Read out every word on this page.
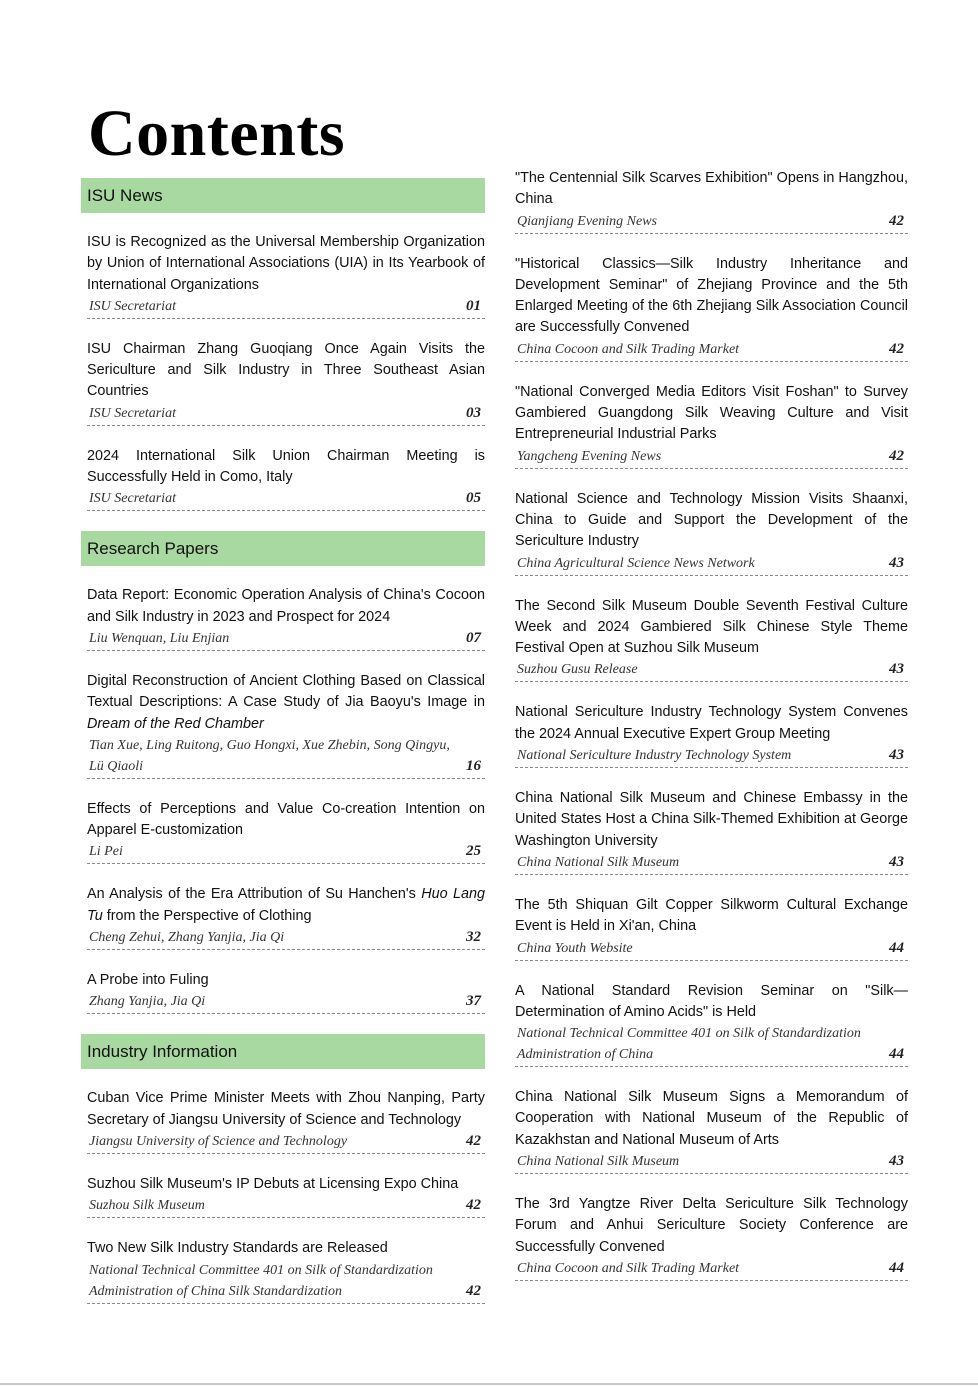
Contents
ISU News
ISU is Recognized as the Universal Membership Organization by Union of International Associations (UIA) in Its Yearbook of International Organizations
ISU Secretariat	01
ISU Chairman Zhang Guoqiang Once Again Visits the Sericulture and Silk Industry in Three Southeast Asian Countries
ISU Secretariat	03
2024 International Silk Union Chairman Meeting is Successfully Held in Como, Italy
ISU Secretariat	05
Research Papers
Data Report: Economic Operation Analysis of China's Cocoon and Silk Industry in 2023 and Prospect for 2024
Liu Wenquan, Liu Enjian	07
Digital Reconstruction of Ancient Clothing Based on Classical Textual Descriptions: A Case Study of Jia Baoyu's Image in Dream of the Red Chamber
Tian Xue, Ling Ruitong, Guo Hongxi, Xue Zhebin, Song Qingyu, Lü Qiaoli	16
Effects of Perceptions and Value Co-creation Intention on Apparel E-customization
Li Pei	25
An Analysis of the Era Attribution of Su Hanchen's Huo Lang Tu from the Perspective of Clothing
Cheng Zehui, Zhang Yanjia, Jia Qi	32
A Probe into Fuling
Zhang Yanjia, Jia Qi	37
Industry Information
Cuban Vice Prime Minister Meets with Zhou Nanping, Party Secretary of Jiangsu University of Science and Technology
Jiangsu University of Science and Technology	42
Suzhou Silk Museum's IP Debuts at Licensing Expo China
Suzhou Silk Museum	42
Two New Silk Industry Standards are Released
National Technical Committee 401 on Silk of Standardization Administration of China Silk Standardization	42
"The Centennial Silk Scarves Exhibition" Opens in Hangzhou, China
Qianjiang Evening News	42
"Historical Classics—Silk Industry Inheritance and Development Seminar" of Zhejiang Province and the 5th Enlarged Meeting of the 6th Zhejiang Silk Association Council are Successfully Convened
China Cocoon and Silk Trading Market	42
"National Converged Media Editors Visit Foshan" to Survey Gambiered Guangdong Silk Weaving Culture and Visit Entrepreneurial Industrial Parks
Yangcheng Evening News	42
National Science and Technology Mission Visits Shaanxi, China to Guide and Support the Development of the Sericulture Industry
China Agricultural Science News Network	43
The Second Silk Museum Double Seventh Festival Culture Week and 2024 Gambiered Silk Chinese Style Theme Festival Open at Suzhou Silk Museum
Suzhou Gusu Release	43
National Sericulture Industry Technology System Convenes the 2024 Annual Executive Expert Group Meeting
National Sericulture Industry Technology System	43
China National Silk Museum and Chinese Embassy in the United States Host a China Silk-Themed Exhibition at George Washington University
China National Silk Museum	43
The 5th Shiquan Gilt Copper Silkworm Cultural Exchange Event is Held in Xi'an, China
China Youth Website	44
A National Standard Revision Seminar on "Silk—Determination of Amino Acids" is Held
National Technical Committee 401 on Silk of Standardization Administration of China	44
China National Silk Museum Signs a Memorandum of Cooperation with National Museum of the Republic of Kazakhstan and National Museum of Arts
China National Silk Museum	43
The 3rd Yangtze River Delta Sericulture Silk Technology Forum and Anhui Sericulture Society Conference are Successfully Convened
China Cocoon and Silk Trading Market	44
